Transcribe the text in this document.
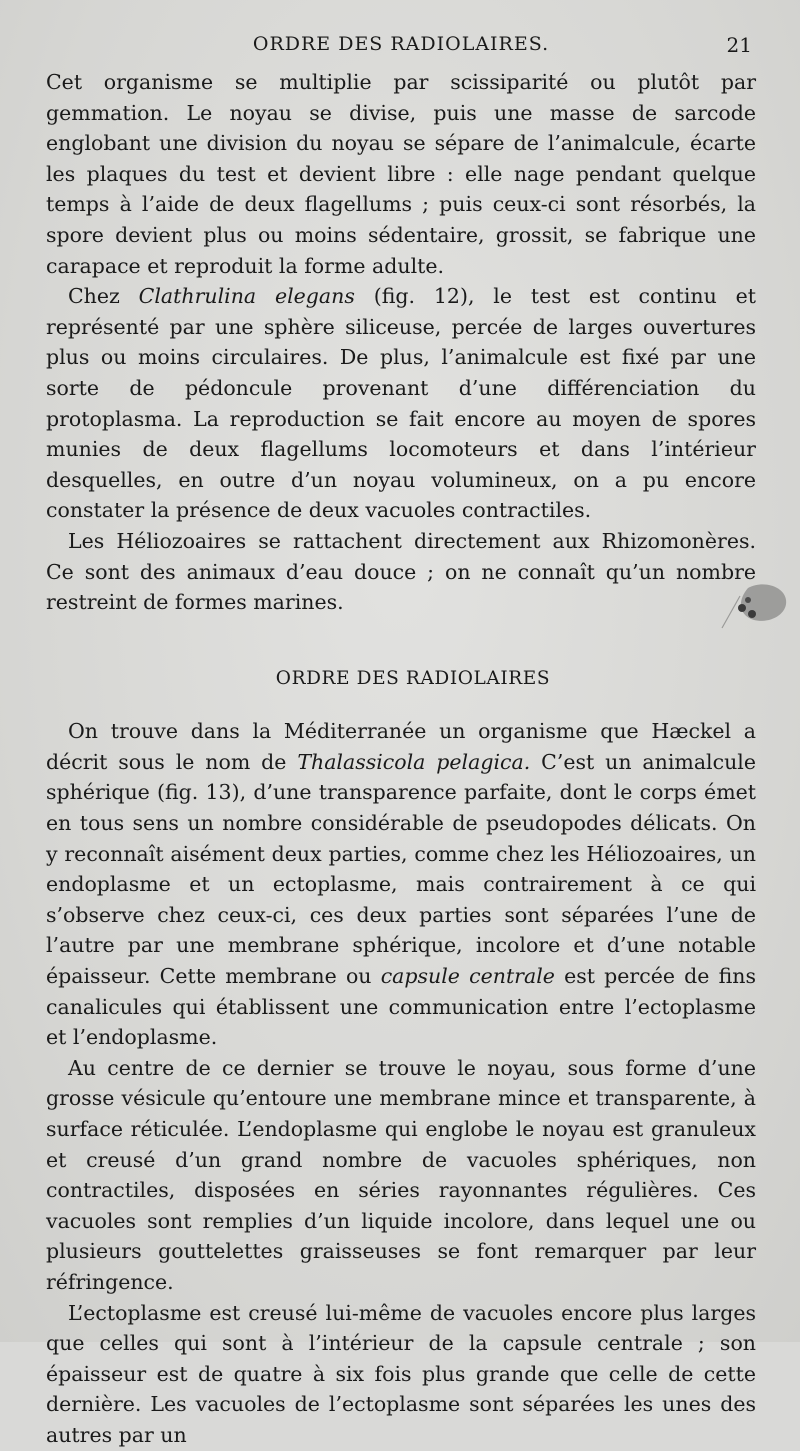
ORDRE DES RADIOLAIRES.	21

Cet organisme se multiplie par scissiparité ou plutôt par gemmation. Le noyau se divise, puis une masse de sarcode englobant une division du noyau se sépare de l’animalcule, écarte les plaques du test et devient libre : elle nage pendant quelque temps à l’aide de deux flagellums ; puis ceux-ci sont résorbés, la spore devient plus ou moins sédentaire, grossit, se fabrique une carapace et reproduit la forme adulte.

Chez Clathrulina elegans (fig. 12), le test est continu et représenté par une sphère siliceuse, percée de larges ouvertures plus ou moins circulaires. De plus, l’animalcule est fixé par une sorte de pédoncule provenant d’une différenciation du protoplasma. La reproduction se fait encore au moyen de spores munies de deux flagellums locomoteurs et dans l’intérieur desquelles, en outre d’un noyau volumineux, on a pu encore constater la présence de deux vacuoles contractiles.

Les Héliozoaires se rattachent directement aux Rhizomonères. Ce sont des animaux d’eau douce ; on ne connaît qu’un nombre restreint de formes marines.

ORDRE DES RADIOLAIRES

On trouve dans la Méditerranée un organisme que Hæckel a décrit sous le nom de Thalassicola pelagica. C’est un animalcule sphérique (fig. 13), d’une transparence parfaite, dont le corps émet en tous sens un nombre considérable de pseudopodes délicats. On y reconnaît aisément deux parties, comme chez les Héliozoaires, un endoplasme et un ectoplasme, mais contrairement à ce qui s’observe chez ceux-ci, ces deux parties sont séparées l’une de l’autre par une membrane sphérique, incolore et d’une notable épaisseur. Cette membrane ou capsule centrale est percée de fins canalicules qui établissent une communication entre l’ectoplasme et l’endoplasme.

Au centre de ce dernier se trouve le noyau, sous forme d’une grosse vésicule qu’entoure une membrane mince et transparente, à surface réticulée. L’endoplasme qui englobe le noyau est granuleux et creusé d’un grand nombre de vacuoles sphériques, non contractiles, disposées en séries rayonnantes régulières. Ces vacuoles sont remplies d’un liquide incolore, dans lequel une ou plusieurs gouttelettes graisseuses se font remarquer par leur réfringence.

L’ectoplasme est creusé lui-même de vacuoles encore plus larges que celles qui sont à l’intérieur de la capsule centrale ; son épaisseur est de quatre à six fois plus grande que celle de cette dernière. Les vacuoles de l’ectoplasme sont séparées les unes des autres par un
